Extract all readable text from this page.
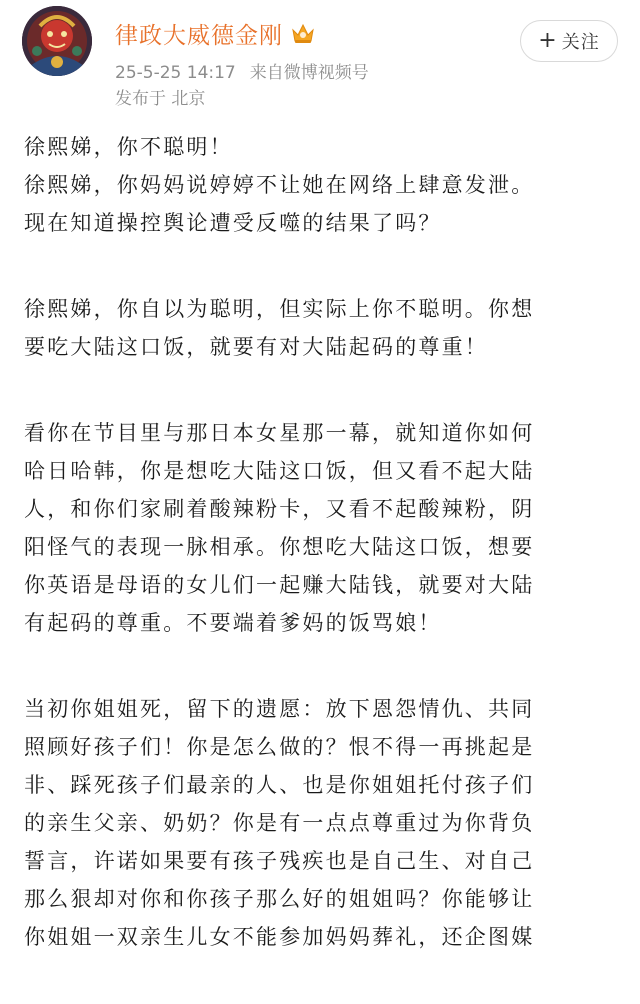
律政大威德金刚
25-5-25 14:17 来自微博视频号
发布于 北京
+ 关注
徐熙娣，你不聪明！
徐熙娣，你妈妈说婷婷不让她在网络上肆意发泄。
现在知道操控舆论遭受反噬的结果了吗？
徐熙娣，你自以为聪明，但实际上你不聪明。你想
要吃大陆这口饭，就要有对大陆起码的尊重！
看你在节目里与那日本女星那一幕，就知道你如何
哈日哈韩，你是想吃大陆这口饭，但又看不起大陆
人，和你们家刷着酸辣粉卡，又看不起酸辣粉，阴
阳怪气的表现一脉相承。你想吃大陆这口饭，想要
你英语是母语的女儿们一起赚大陆钱，就要对大陆
有起码的尊重。不要端着爹妈的饭骂娘！
当初你姐姐死，留下的遗愿：放下恩怨情仇、共同
照顾好孩子们！你是怎么做的？恨不得一再挑起是
非、踩死孩子们最亲的人、也是你姐姐托付孩子们
的亲生父亲、奶奶？你是有一点点尊重过为你背负
誓言，许诺如果要有孩子残疾也是自己生、对自己
那么狠却对你和你孩子那么好的姐姐吗？你能够让
你姐姐一双亲生儿女不能参加妈妈葬礼，还企图媒
